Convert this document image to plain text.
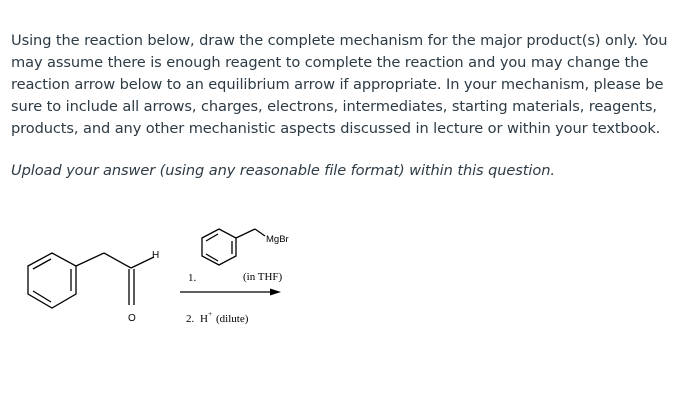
Using the reaction below, draw the complete mechanism for the major product(s) only. You may assume there is enough reagent to complete the reaction and you may change the reaction arrow below to an equilibrium arrow if appropriate. In your mechanism, please be sure to include all arrows, charges, electrons, intermediates, starting materials, reagents, products, and any other mechanistic aspects discussed in lecture or within your textbook.
Upload your answer (using any reasonable file format) within this question.
H
O
MgBr
1.	(in THF)
2. H + (dilute)
